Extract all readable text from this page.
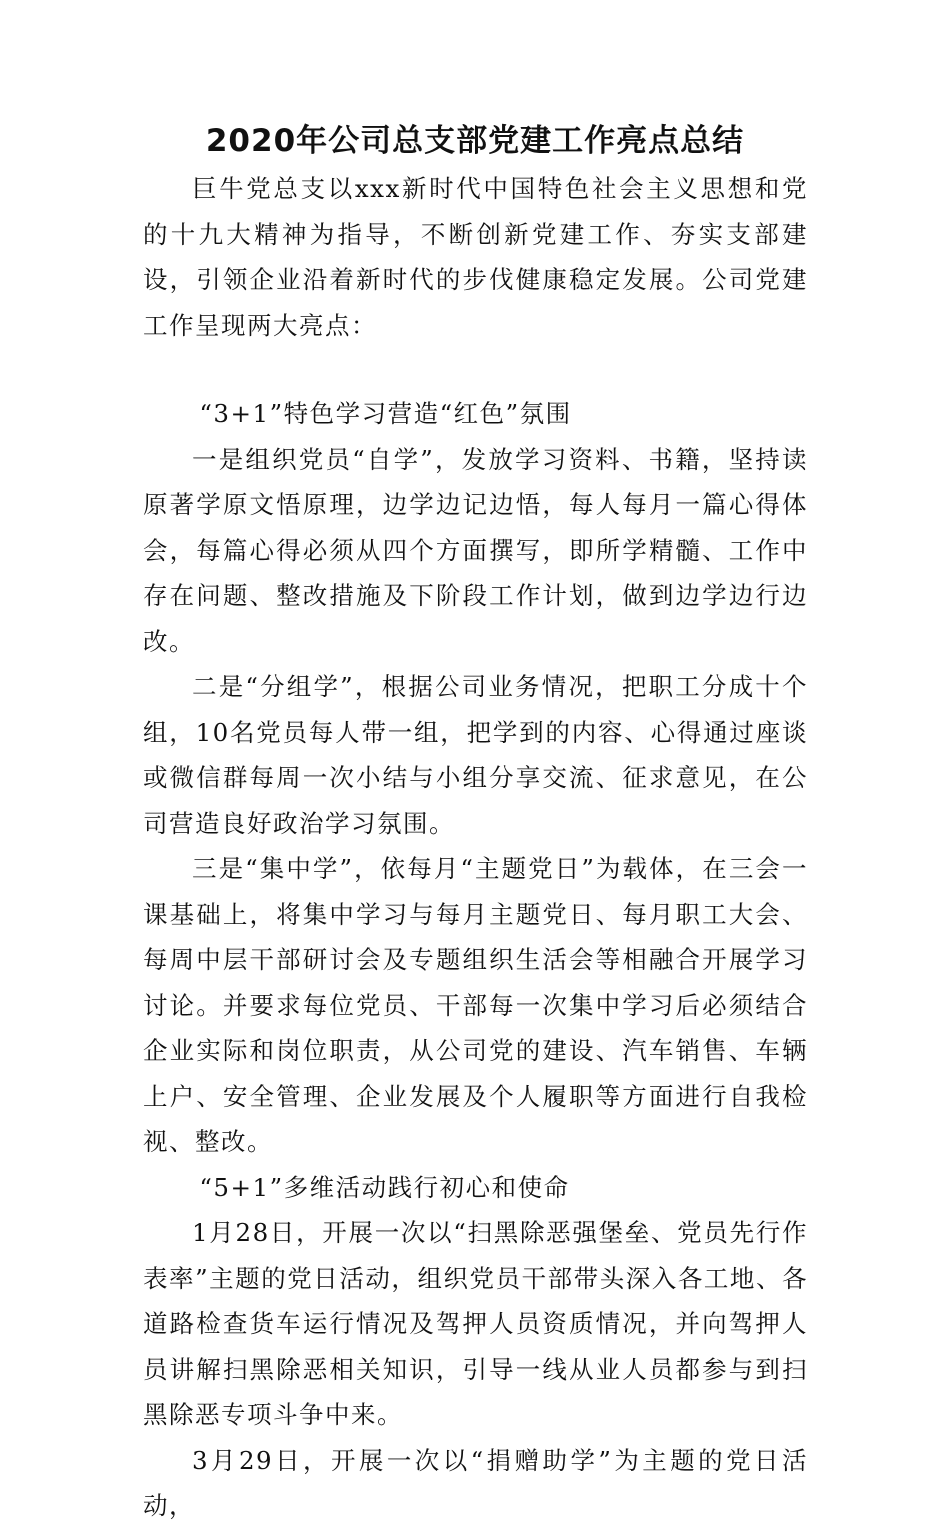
2020年公司总支部党建工作亮点总结

巨牛党总支以xxx新时代中国特色社会主义思想和党的十九大精神为指导，不断创新党建工作、夯实支部建设，引领企业沿着新时代的步伐健康稳定发展。公司党建工作呈现两大亮点：

“3+1”特色学习营造“红色”氛围

一是组织党员“自学”，发放学习资料、书籍，坚持读原著学原文悟原理，边学边记边悟，每人每月一篇心得体会，每篇心得必须从四个方面撰写，即所学精髓、工作中存在问题、整改措施及下阶段工作计划，做到边学边行边改。

二是“分组学”，根据公司业务情况，把职工分成十个组，10名党员每人带一组，把学到的内容、心得通过座谈或微信群每周一次小结与小组分享交流、征求意见，在公司营造良好政治学习氛围。

三是“集中学”，依每月“主题党日”为载体，在三会一课基础上，将集中学习与每月主题党日、每月职工大会、每周中层干部研讨会及专题组织生活会等相融合开展学习讨论。并要求每位党员、干部每一次集中学习后必须结合企业实际和岗位职责，从公司党的建设、汽车销售、车辆上户、安全管理、企业发展及个人履职等方面进行自我检视、整改。

“5+1”多维活动践行初心和使命

1月28日，开展一次以“扫黑除恶强堡垒、党员先行作表率”主题的党日活动，组织党员干部带头深入各工地、各道路检查货车运行情况及驾押人员资质情况，并向驾押人员讲解扫黑除恶相关知识，引导一线从业人员都参与到扫黑除恶专项斗争中来。

3月29日，开展一次以“捐赠助学”为主题的党日活动，
